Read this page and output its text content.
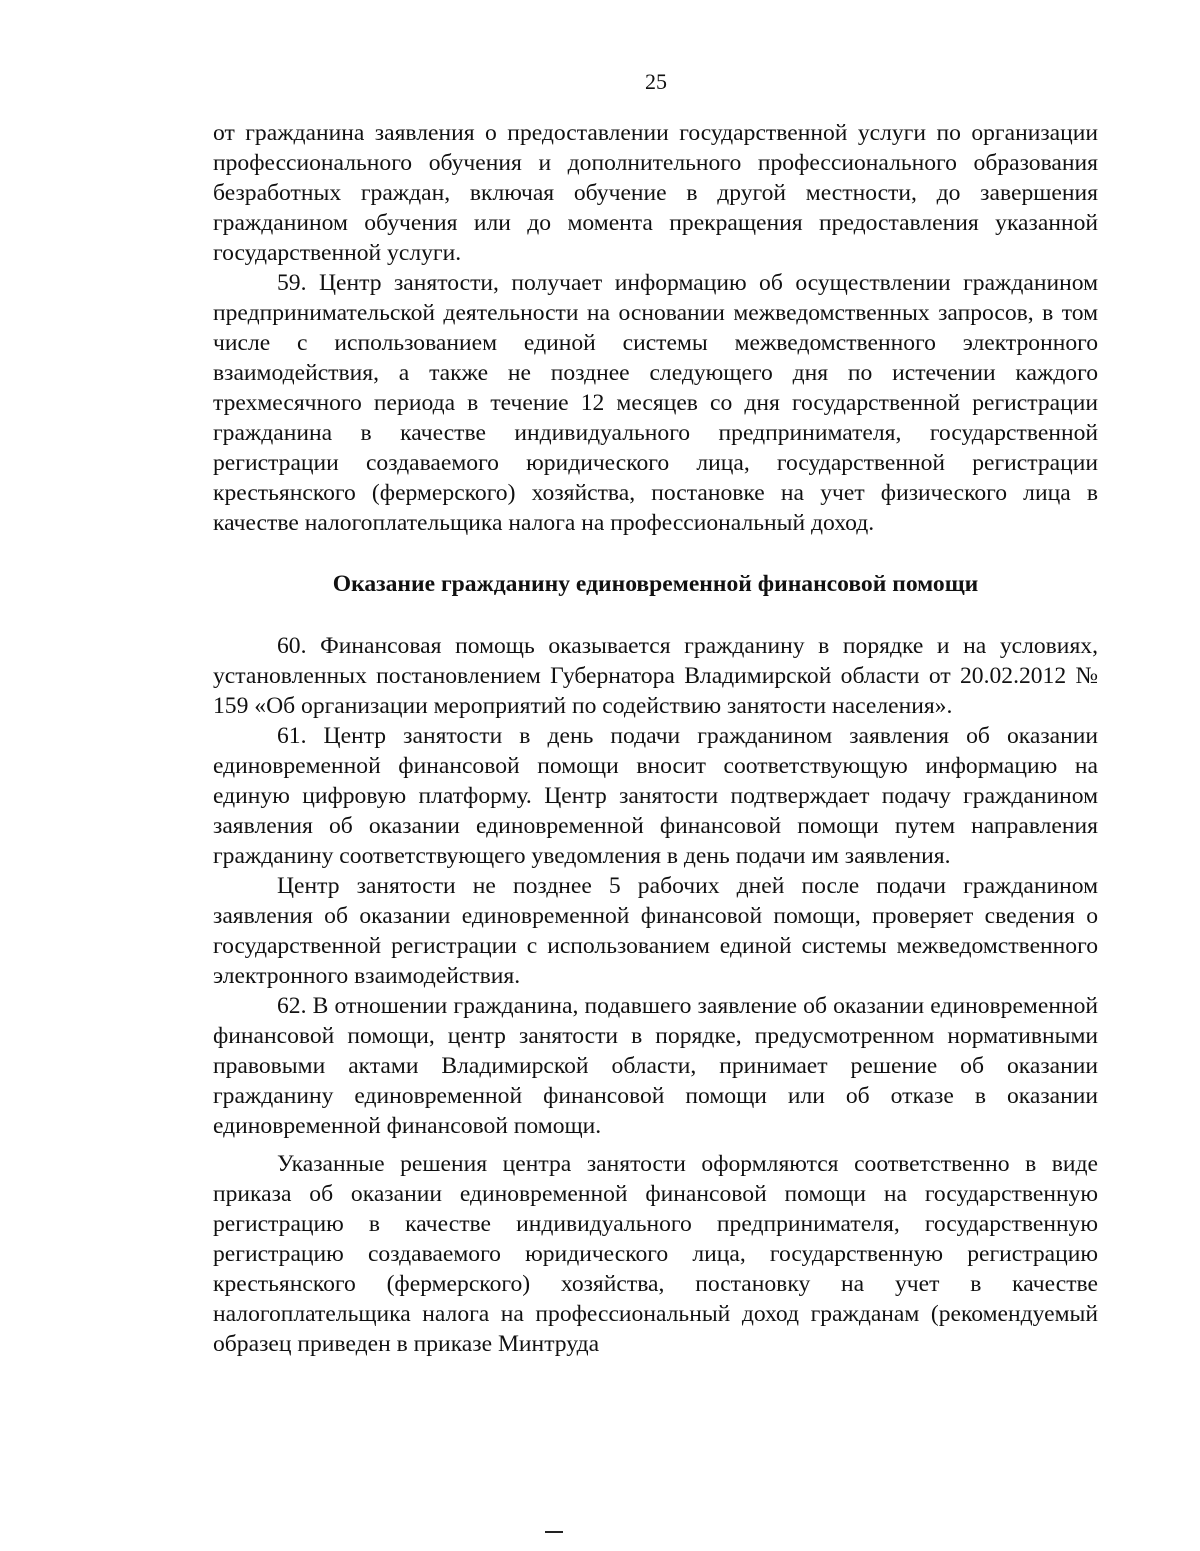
25

от гражданина заявления о предоставлении государственной услуги по организации профессионального обучения и дополнительного профессионального образования безработных граждан, включая обучение в другой местности, до завершения гражданином обучения или до момента прекращения предоставления указанной государственной услуги.

59. Центр занятости, получает информацию об осуществлении гражданином предпринимательской деятельности на основании межведомственных запросов, в том числе с использованием единой системы межведомственного электронного взаимодействия, а также не позднее следующего дня по истечении каждого трехмесячного периода в течение 12 месяцев со дня государственной регистрации гражданина в качестве индивидуального предпринимателя, государственной регистрации создаваемого юридического лица, государственной регистрации крестьянского (фермерского) хозяйства, постановке на учет физического лица в качестве налогоплательщика налога на профессиональный доход.

Оказание гражданину единовременной финансовой помощи

60. Финансовая помощь оказывается гражданину в порядке и на условиях, установленных постановлением Губернатора Владимирской области от 20.02.2012 № 159 «Об организации мероприятий по содействию занятости населения».

61. Центр занятости в день подачи гражданином заявления об оказании единовременной финансовой помощи вносит соответствующую информацию на единую цифровую платформу. Центр занятости подтверждает подачу гражданином заявления об оказании единовременной финансовой помощи путем направления гражданину соответствующего уведомления в день подачи им заявления.

Центр занятости не позднее 5 рабочих дней после подачи гражданином заявления об оказании единовременной финансовой помощи, проверяет сведения о государственной регистрации с использованием единой системы межведомственного электронного взаимодействия.

62. В отношении гражданина, подавшего заявление об оказании единовременной финансовой помощи, центр занятости в порядке, предусмотренном нормативными правовыми актами Владимирской области, принимает решение об оказании гражданину единовременной финансовой помощи или об отказе в оказании единовременной финансовой помощи.

Указанные решения центра занятости оформляются соответственно в виде приказа об оказании единовременной финансовой помощи на государственную регистрацию в качестве индивидуального предпринимателя, государственную регистрацию создаваемого юридического лица, государственную регистрацию крестьянского (фермерского) хозяйства, постановку на учет в качестве налогоплательщика налога на профессиональный доход гражданам (рекомендуемый образец приведен в приказе Минтруда
